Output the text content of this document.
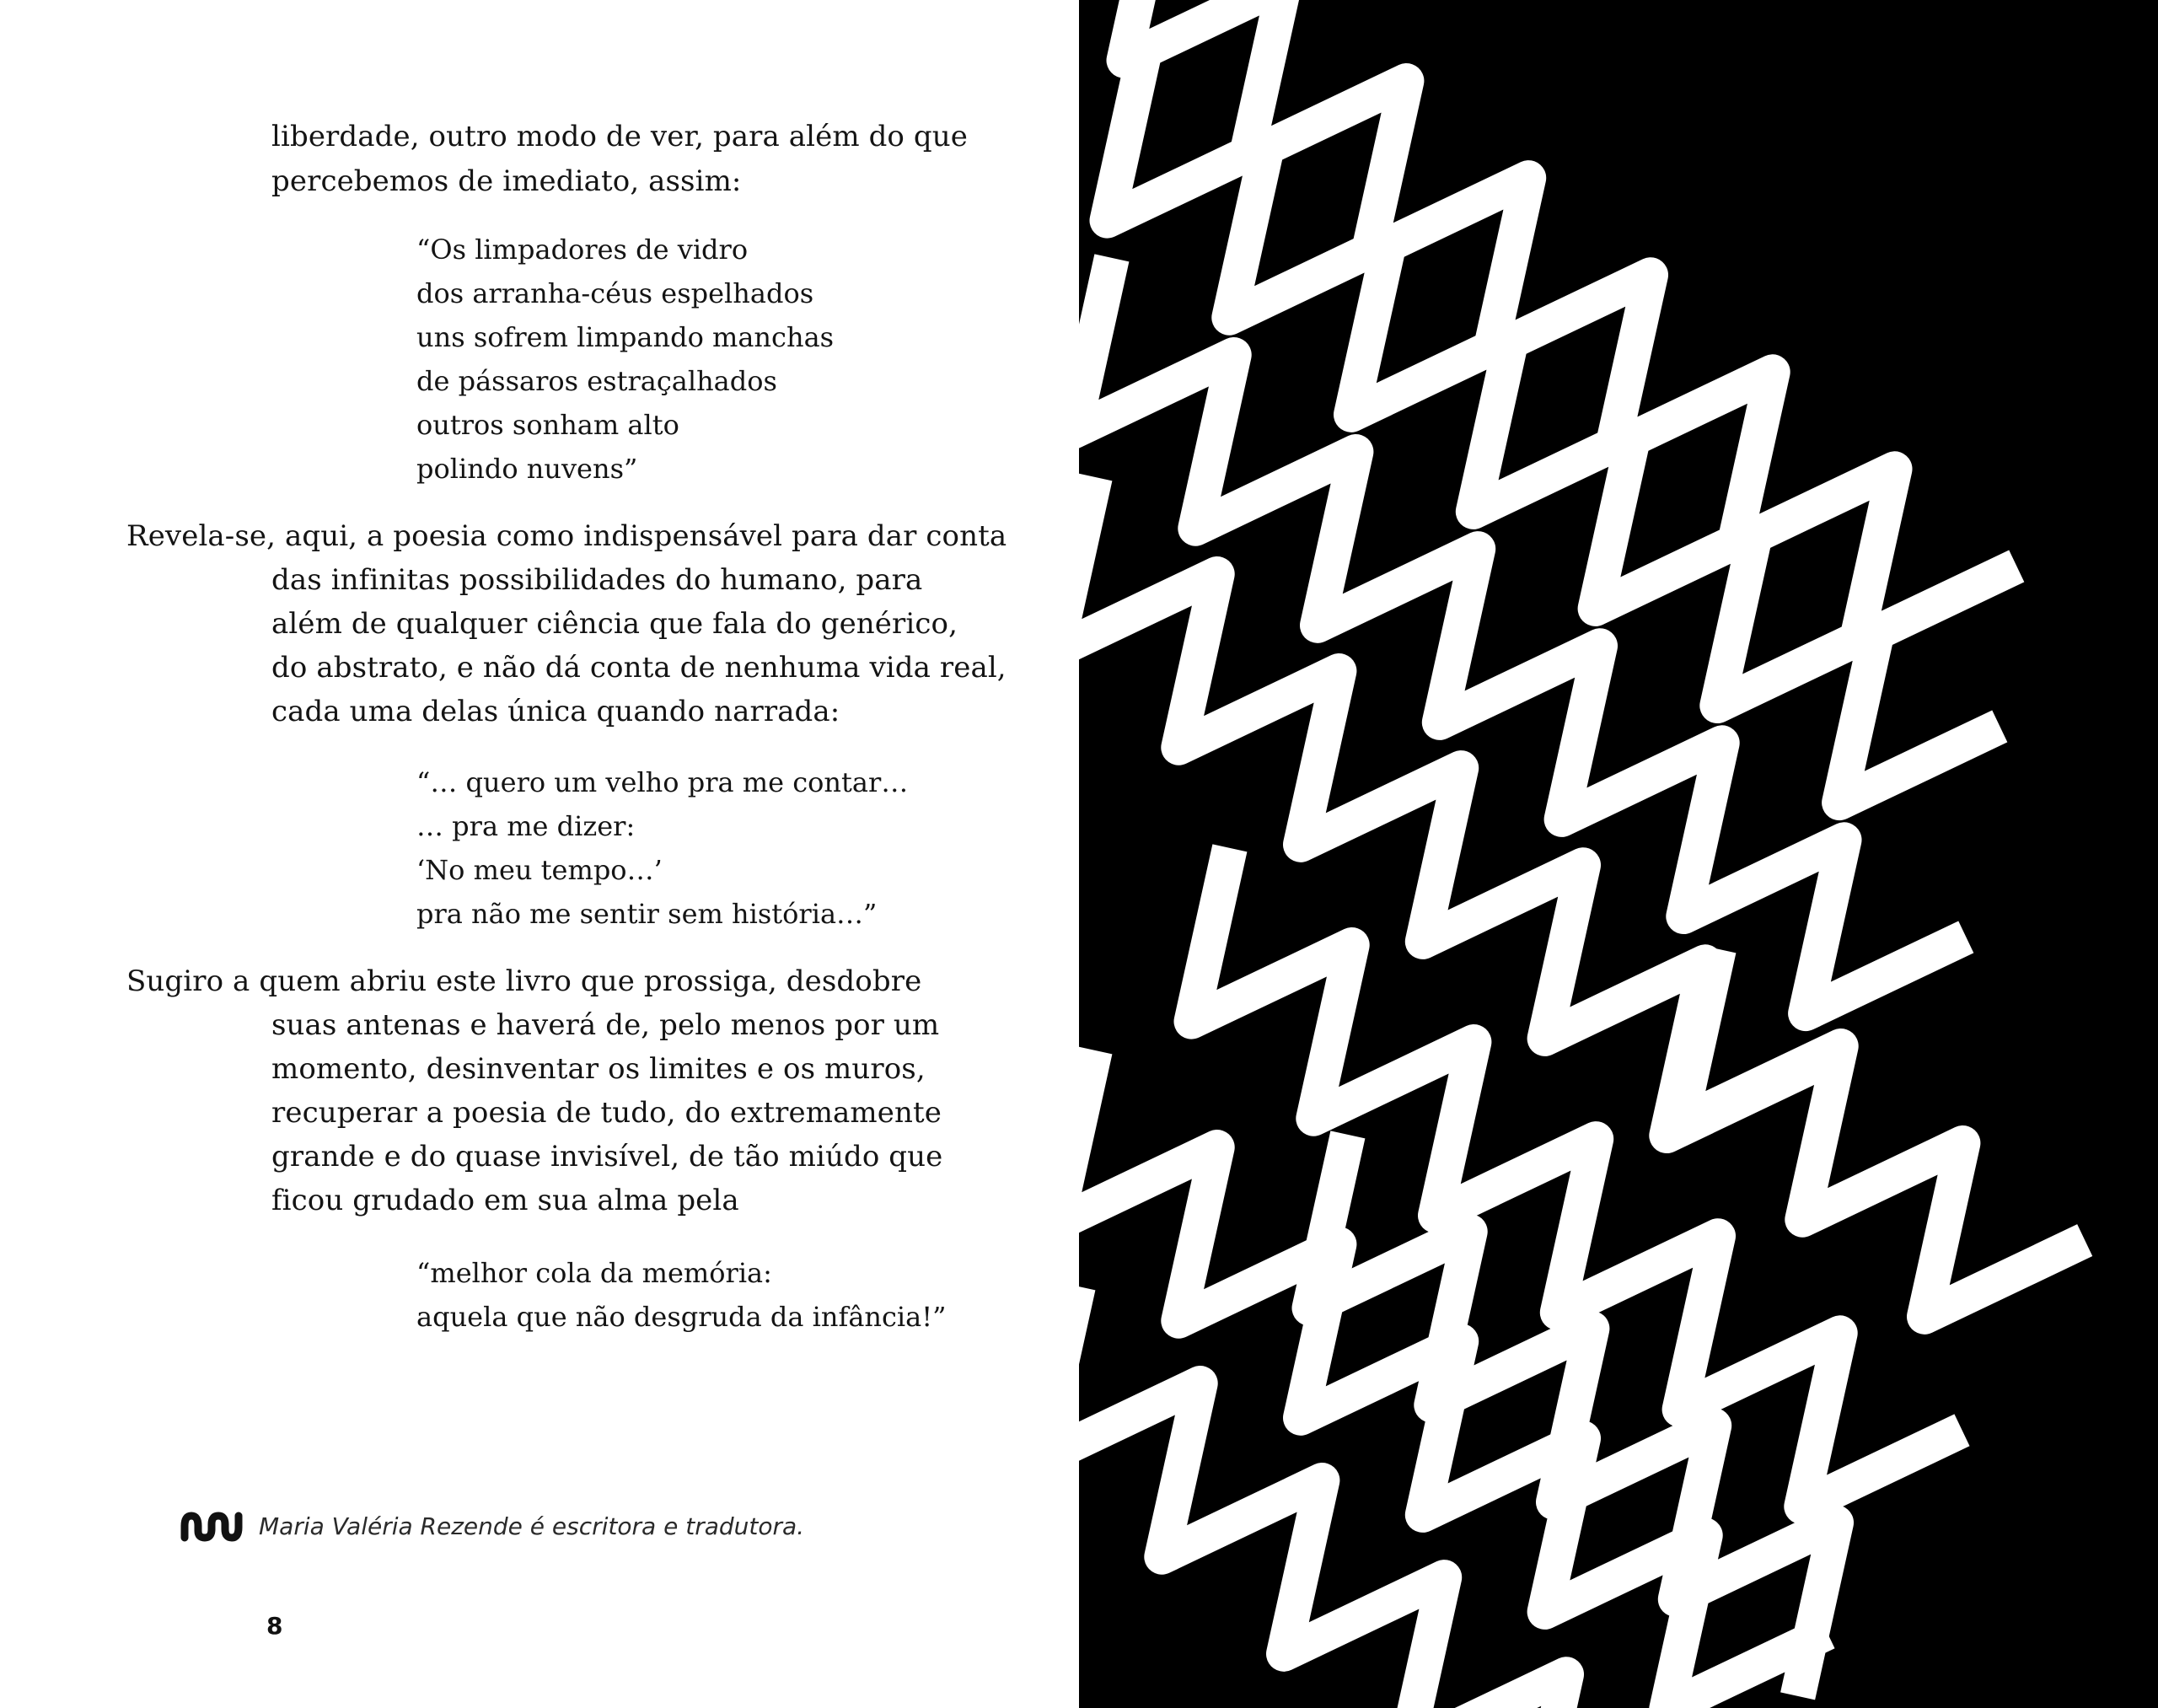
liberdade, outro modo de ver, para além do que
percebemos de imediato, assim:
“Os limpadores de vidro
dos arranha-céus espelhados
uns sofrem limpando manchas
de pássaros estraçalhados
outros sonham alto
polindo nuvens”
Revela-se, aqui, a poesia como indispensável para dar conta
das infinitas possibilidades do humano, para
além de qualquer ciência que fala do genérico,
do abstrato, e não dá conta de nenhuma vida real,
cada uma delas única quando narrada:
“… quero um velho pra me contar…
… pra me dizer:
‘No meu tempo…’
pra não me sentir sem história…”
Sugiro a quem abriu este livro que prossiga, desdobre
suas antenas e haverá de, pelo menos por um
momento, desinventar os limites e os muros,
recuperar a poesia de tudo, do extremamente
grande e do quase invisível, de tão miúdo que
ficou grudado em sua alma pela
“melhor cola da memória:
aquela que não desgruda da infância!”
Maria Valéria Rezende é escritora e tradutora.
8
